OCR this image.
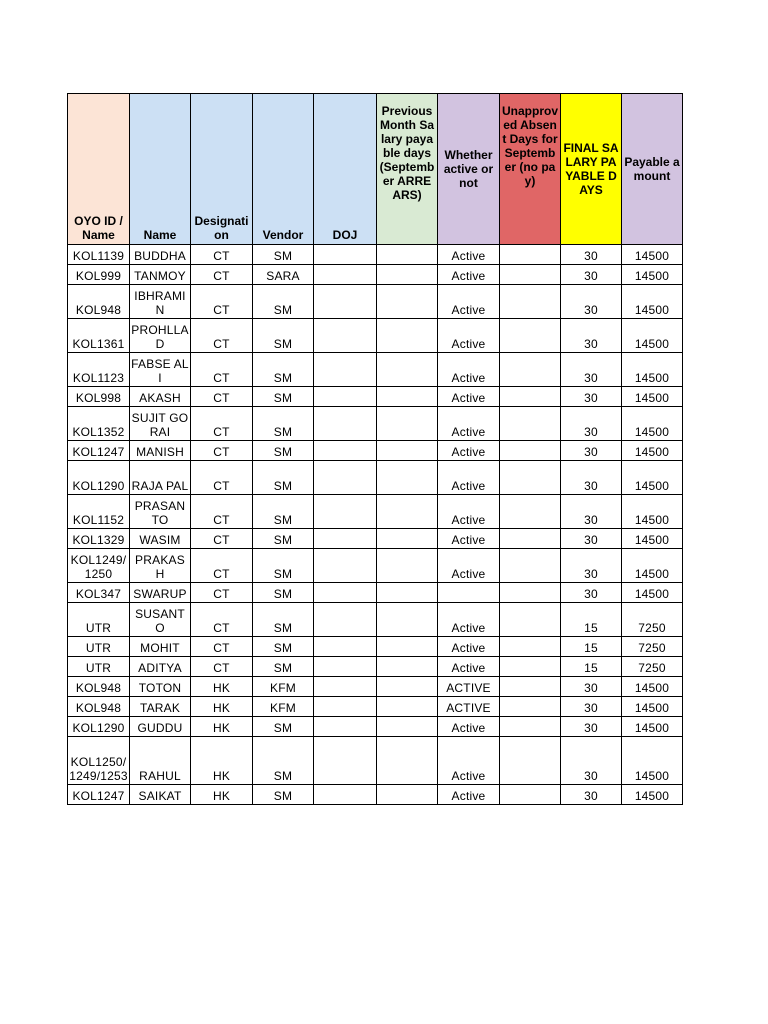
OYO ID / Name	Name	Designation	Vendor	DOJ	Previous Month Salary payable days (September ARREARS)	Whether active or not	Unapproved Absent Days for September (no pay)	FINAL SALARY PAYABLE DAYS	Payable amount
KOL1139	BUDDHA	CT	SM			Active		30	14500
KOL999	TANMOY	CT	SARA			Active		30	14500
KOL948	IBHRAMIN	CT	SM			Active		30	14500
KOL1361	PROHLLAD	CT	SM			Active		30	14500
KOL1123	FABSE ALI	CT	SM			Active		30	14500
KOL998	AKASH	CT	SM			Active		30	14500
KOL1352	SUJIT GORAI	CT	SM			Active		30	14500
KOL1247	MANISH	CT	SM			Active		30	14500
KOL1290	RAJA PAL	CT	SM			Active		30	14500
KOL1152	PRASANTO	CT	SM			Active		30	14500
KOL1329	WASIM	CT	SM			Active		30	14500
KOL1249/1250	PRAKASH	CT	SM			Active		30	14500
KOL347	SWARUP	CT	SM					30	14500
UTR	SUSANTO	CT	SM			Active		15	7250
UTR	MOHIT	CT	SM			Active		15	7250
UTR	ADITYA	CT	SM			Active		15	7250
KOL948	TOTON	HK	KFM			ACTIVE		30	14500
KOL948	TARAK	HK	KFM			ACTIVE		30	14500
KOL1290	GUDDU	HK	SM			Active		30	14500
KOL1250/1249/1253	RAHUL	HK	SM			Active		30	14500
KOL1247	SAIKAT	HK	SM			Active		30	14500
